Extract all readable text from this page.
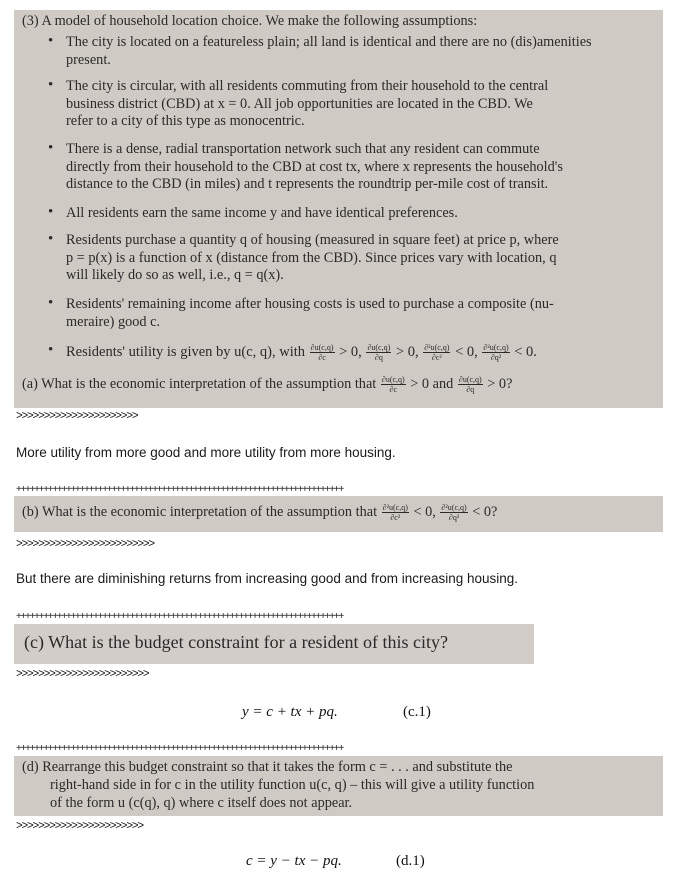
(3) A model of household location choice. We make the following assumptions:

• The city is located on a featureless plain; all land is identical and there are no (dis)amenities

present.

• The city is circular, with all residents commuting from their household to the central

business district (CBD) at x = 0. All job opportunities are located in the CBD. We

refer to a city of this type as monocentric.

• There is a dense, radial transportation network such that any resident can commute

directly from their household to the CBD at cost tx, where x represents the household's

distance to the CBD (in miles) and t represents the roundtrip per-mile cost of transit.

• All residents earn the same income y and have identical preferences.

• Residents purchase a quantity q of housing (measured in square feet) at price p, where

p = p(x) is a function of x (distance from the CBD). Since prices vary with location, q

will likely do so as well, i.e., q = q(x).

• Residents' remaining income after housing costs is used to purchase a composite (nu-

meraire) good c.

• Residents' utility is given by u(c, q), with $\frac{\partial u(c,q)}{\partial c} > 0$, $\frac{\partial u(c,q)}{\partial q} > 0$, $\frac{\text{∂²u(c,q)}}{\text{∂c²}} < 0$, $\frac{\text{∂²u(c,q)}}{\text{∂q²}} < 0$.
(a) What is the economic interpretation of the assumption that $\frac{\partial u(c,q)}{\partial c} > 0$ and $\frac{\partial u(c,q)}{\partial q} > 0$?

>>>>>>>>>>>>>>>>>>>>>>

More utility from more good and more utility from more housing.

++++++++++++++++++++++++++++++++++++++++++++++++++++++++++++++++++++++++

(b) What is the economic interpretation of the assumption that $\frac{\text{∂²u(c,q)}}{\text{∂c²}} < 0$, $\frac{\text{∂²u(c,q)}}{\text{∂q²}} < 0$?

>>>>>>>>>>>>>>>>>>>>>>>>>

But there are diminishing returns from increasing good and from increasing housing.

++++++++++++++++++++++++++++++++++++++++++++++++++++++++++++++++++++++++

(c) What is the budget constraint for a resident of this city?

>>>>>>>>>>>>>>>>>>>>>>>>

y = c + tx + pq.	(c.1)

++++++++++++++++++++++++++++++++++++++++++++++++++++++++++++++++++++++++

(d) Rearrange this budget constraint so that it takes the form c = . . . and substitute the

right-hand side in for c in the utility function u(c, q) – this will give a utility function

of the form u (c(q), q) where c itself does not appear.

>>>>>>>>>>>>>>>>>>>>>>>

c = y − tx − pq.	(d.1)
